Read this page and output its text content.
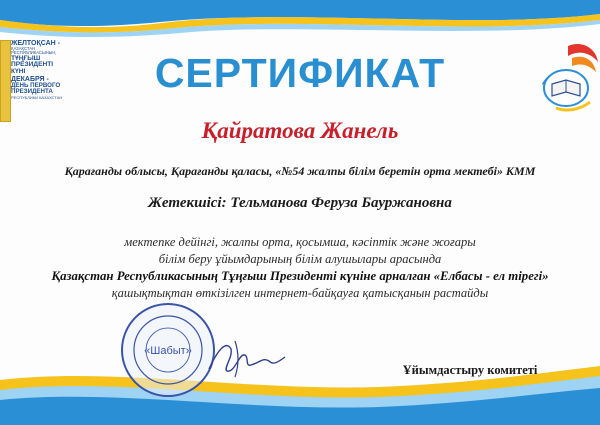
ЖЕЛТОҚСАН -
ҚАЗАҚСТАН РЕСПУБЛИКАСЫНЫҢ
ТҰҢҒЫШ ПРЕЗИДЕНТІ КҮНІ
ДЕКАБРЯ -
ДЕНЬ ПЕРВОГО ПРЕЗИДЕНТА
РЕСПУБЛИКИ КАЗАХСТАН
СЕРТИФИКАТ
Қайратова Жанель
Қарағанды облысы, Қарағанды қаласы, «№54 жалпы білім беретін орта мектебі» КММ
Жетекшісі: Тельманова Феруза Бауржановна
мектепке дейінгі, жалпы орта, қосымша, кәсіптік және жоғары
білім беру ұйымдарының білім алушылары арасында
Қазақстан Республикасының Тұңғыш Президенті күніне арналған «Елбасы - ел тірегі»
қашықтықтан өткізілген интернет-байқауға қатысқанын растайды
«Шабыт»
Ұйымдастыру комитеті
